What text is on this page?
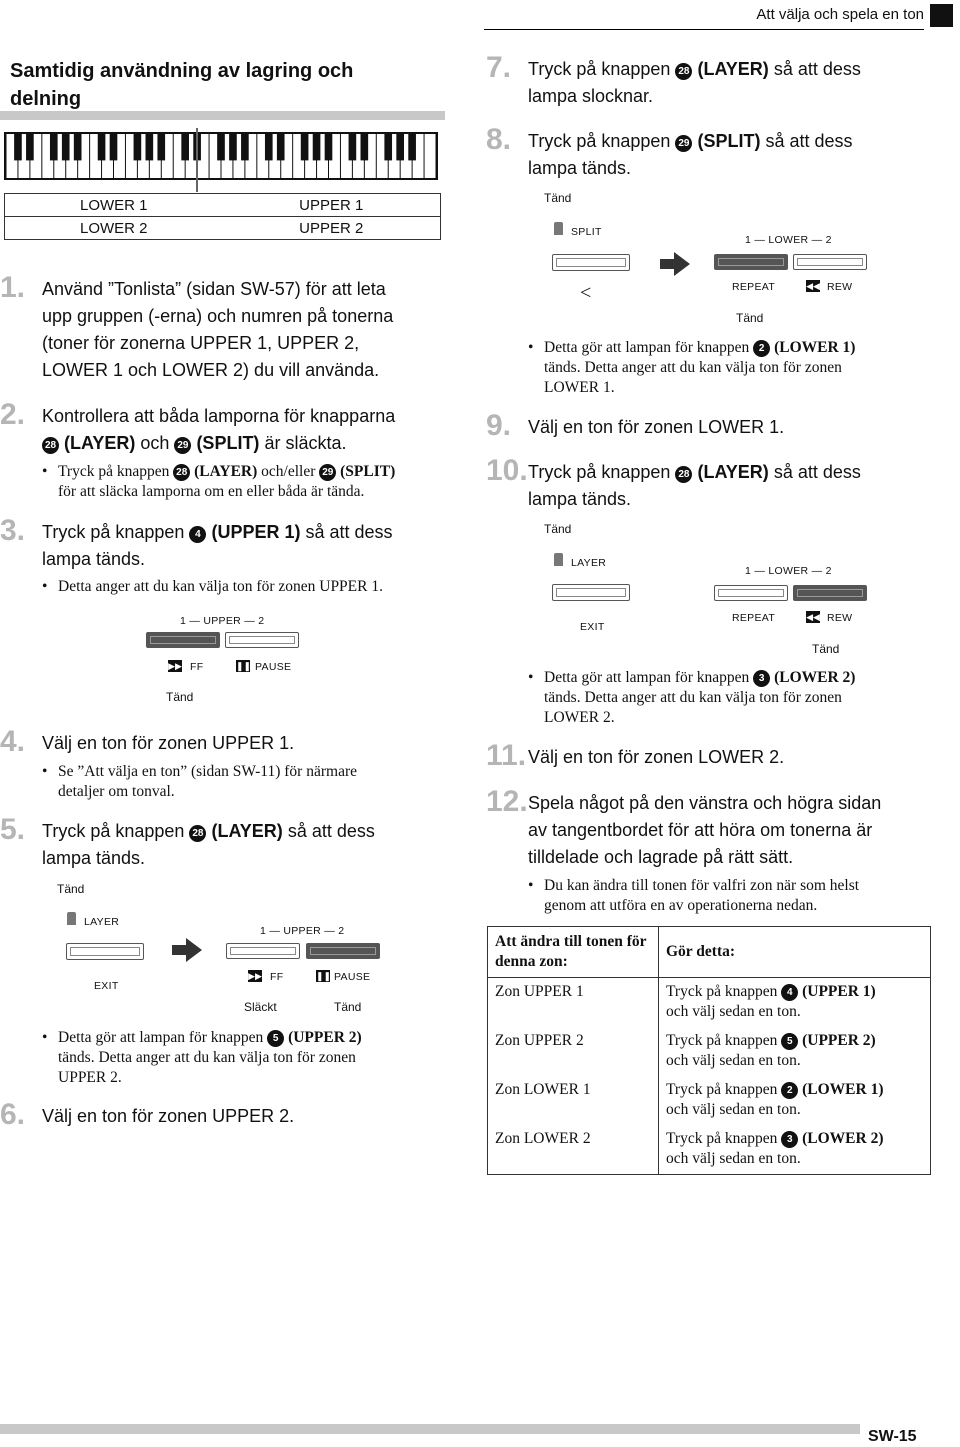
Att välja och spela en ton
Samtidig användning av lagring och delning
LOWER 1	UPPER 1
LOWER 2	UPPER 2
1. Använd ”Tonlista” (sidan SW-57) för att leta
upp gruppen (-erna) och numren på tonerna
(toner för zonerna UPPER 1, UPPER 2,
LOWER 1 och LOWER 2) du vill använda.
2. Kontrollera att båda lamporna för knapparna
28 (LAYER) och 29 (SPLIT) är släckta.
• Tryck på knappen 28 (LAYER) och/eller 29 (SPLIT)
för att släcka lamporna om en eller båda är tända.
3. Tryck på knappen 4 (UPPER 1) så att dess
lampa tänds.
• Detta anger att du kan välja ton för zonen UPPER 1.
1 — UPPER — 2
▶▶ FF	❚❚ PAUSE
Tänd
4. Välj en ton för zonen UPPER 1.
• Se ”Att välja en ton” (sidan SW-11) för närmare
detaljer om tonval.
5. Tryck på knappen 28 (LAYER) så att dess
lampa tänds.
Tänd
LAYER
EXIT
1 — UPPER — 2
▶▶ FF	❚❚ PAUSE
Släckt	Tänd
• Detta gör att lampan för knappen 5 (UPPER 2)
tänds. Detta anger att du kan välja ton för zonen
UPPER 2.
6. Välj en ton för zonen UPPER 2.
7. Tryck på knappen 28 (LAYER) så att dess
lampa slocknar.
8. Tryck på knappen 29 (SPLIT) så att dess
lampa tänds.
Tänd
SPLIT
<
1 — LOWER — 2
REPEAT	◀◀ REW
Tänd
• Detta gör att lampan för knappen 2 (LOWER 1)
tänds. Detta anger att du kan välja ton för zonen
LOWER 1.
9. Välj en ton för zonen LOWER 1.
10. Tryck på knappen 28 (LAYER) så att dess
lampa tänds.
Tänd
LAYER
EXIT
1 — LOWER — 2
REPEAT	◀◀ REW
Tänd
• Detta gör att lampan för knappen 3 (LOWER 2)
tänds. Detta anger att du kan välja ton för zonen
LOWER 2.
11. Välj en ton för zonen LOWER 2.
12. Spela något på den vänstra och högra sidan
av tangentbordet för att höra om tonerna är
tilldelade och lagrade på rätt sätt.
• Du kan ändra till tonen för valfri zon när som helst
genom att utföra en av operationerna nedan.
Att ändra till tonen för denna zon:	Gör detta:
Zon UPPER 1	Tryck på knappen 4 (UPPER 1)
och välj sedan en ton.
Zon UPPER 2	Tryck på knappen 5 (UPPER 2)
och välj sedan en ton.
Zon LOWER 1	Tryck på knappen 2 (LOWER 1)
och välj sedan en ton.
Zon LOWER 2	Tryck på knappen 3 (LOWER 2)
och välj sedan en ton.
SW-15
